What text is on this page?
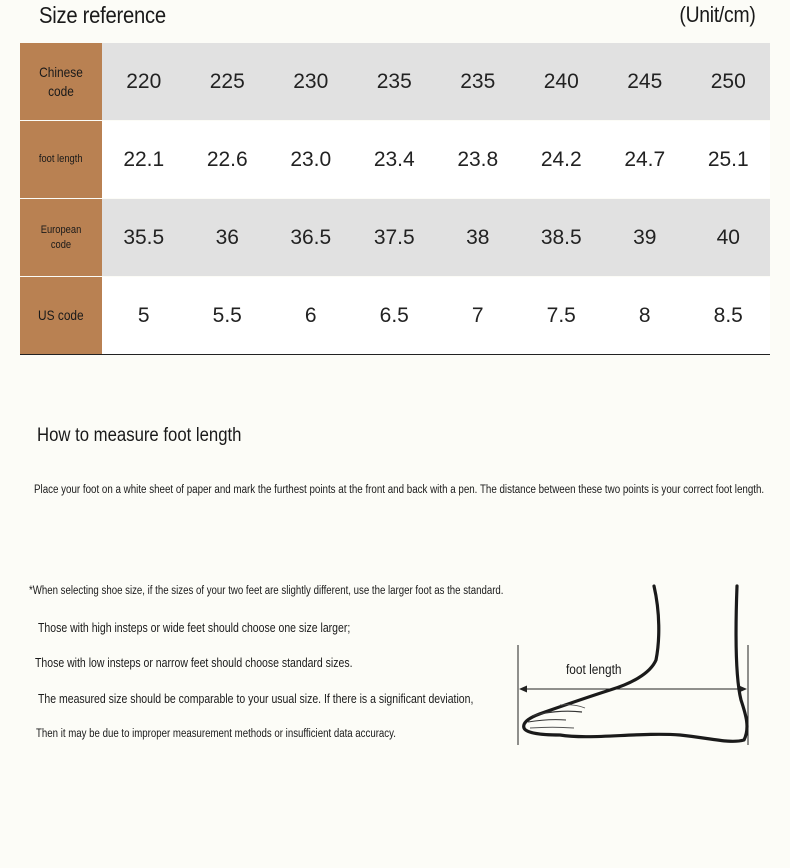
Size reference	(Unit/cm)
Chinese code	220	225	230	235	235	240	245	250
foot length	22.1	22.6	23.0	23.4	23.8	24.2	24.7	25.1
European code	35.5	36	36.5	37.5	38	38.5	39	40
US code	5	5.5	6	6.5	7	7.5	8	8.5
How to measure foot length
Place your foot on a white sheet of paper and mark the furthest points at the front and back with a pen. The distance between these two points is your correct foot length.
*When selecting shoe size, if the sizes of your two feet are slightly different, use the larger foot as the standard.
Those with high insteps or wide feet should choose one size larger;
Those with low insteps or narrow feet should choose standard sizes.
The measured size should be comparable to your usual size. If there is a significant deviation,
Then it may be due to improper measurement methods or insufficient data accuracy.
foot length
